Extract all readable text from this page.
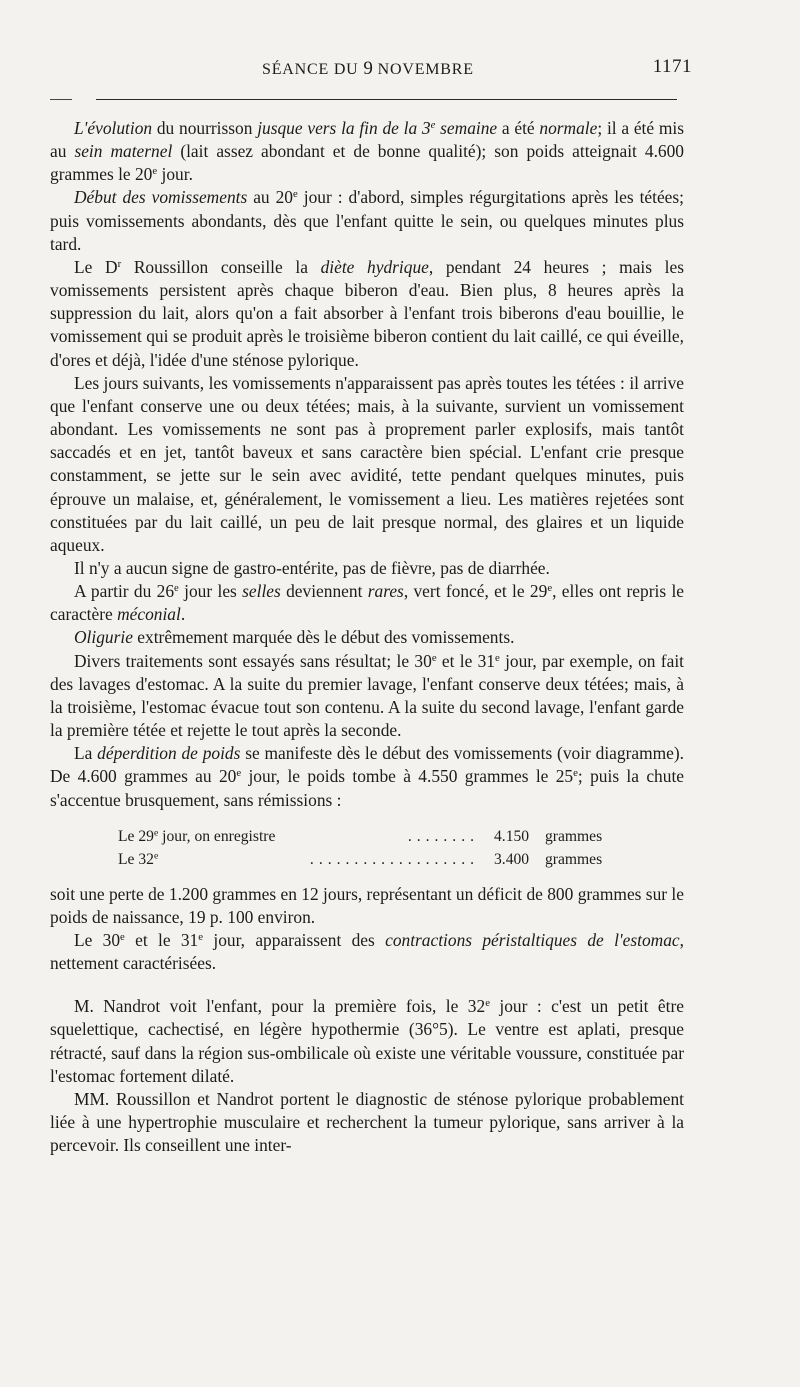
SÉANCE DU 9 NOVEMBRE	1171

L'évolution du nourrisson jusque vers la fin de la 3e semaine a été normale; il a été mis au sein maternel (lait assez abondant et de bonne qualité); son poids atteignait 4.600 grammes le 20e jour.

Début des vomissements au 20e jour : d'abord, simples régurgitations après les tétées; puis vomissements abondants, dès que l'enfant quitte le sein, ou quelques minutes plus tard.

Le $D^r$ Roussillon conseille la diète hydrique, pendant 24 heures ; mais les vomissements persistent après chaque biberon d'eau. Bien plus, 8 heures après la suppression du lait, alors qu'on a fait absorber à l'enfant trois biberons d'eau bouillie, le vomissement qui se produit après le troisième biberon contient du lait caillé, ce qui éveille, d'ores et déjà, l'idée d'une sténose pylorique.

Les jours suivants, les vomissements n'apparaissent pas après toutes les tétées : il arrive que l'enfant conserve une ou deux tétées; mais, à la suivante, survient un vomissement abondant. Les vomissements ne sont pas à proprement parler explosifs, mais tantôt saccadés et en jet, tantôt baveux et sans caractère bien spécial. L'enfant crie presque constamment, se jette sur le sein avec avidité, tette pendant quelques minutes, puis éprouve un malaise, et, généralement, le vomissement a lieu. Les matières rejetées sont constituées par du lait caillé, un peu de lait presque normal, des glaires et un liquide aqueux.

Il n'y a aucun signe de gastro-entérite, pas de fièvre, pas de diarrhée.

A partir du 26e jour les selles deviennent rares, vert foncé, et le 29e, elles ont repris le caractère méconial.

Oligurie extrêmement marquée dès le début des vomissements.

Divers traitements sont essayés sans résultat; le 30e et le 31e jour, par exemple, on fait des lavages d'estomac. A la suite du premier lavage, l'enfant conserve deux tétées; mais, à la troisième, l'estomac évacue tout son contenu. A la suite du second lavage, l'enfant garde la première tétée et rejette le tout après la seconde.

La déperdition de poids se manifeste dès le début des vomissements (voir diagramme). De 4.600 grammes au 20e jour, le poids tombe à 4.550 grammes le 25e; puis la chute s'accentue brusquement, sans rémissions :

Le 29e jour, on enregistre	........ 4.150 grammes
Le 32e	................... 3.400 grammes

soit une perte de 1.200 grammes en 12 jours, représentant un déficit de 800 grammes sur le poids de naissance, 19 p. 100 environ.

Le 30e et le 31e jour, apparaissent des contractions péristaltiques de l'estomac, nettement caractérisées.

M. Nandrot voit l'enfant, pour la première fois, le 32e jour : c'est un petit être squelettique, cachectisé, en légère hypothermie (36°5). Le ventre est aplati, presque rétracté, sauf dans la région sus-ombilicale où existe une véritable voussure, constituée par l'estomac fortement dilaté.

MM. Roussillon et Nandrot portent le diagnostic de sténose pylorique probablement liée à une hypertrophie musculaire et recherchent la tumeur pylorique, sans arriver à la percevoir. Ils conseillent une inter-
